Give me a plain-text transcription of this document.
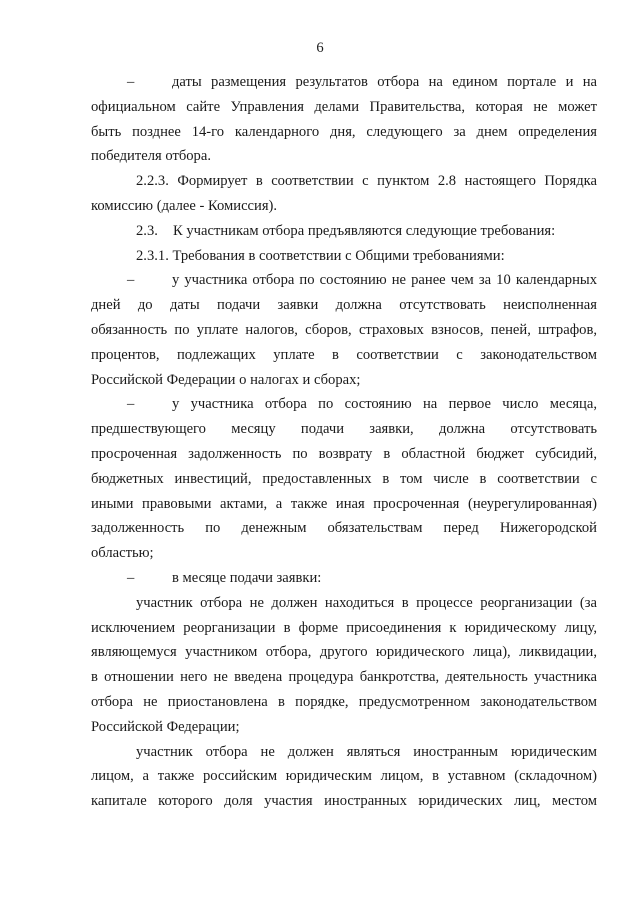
6
–	даты размещения результатов отбора на едином портале и на
официальном сайте Управления делами Правительства, которая не может
быть позднее 14-го календарного дня, следующего за днем определения
победителя отбора.
2.2.3. Формирует в соответствии с пунктом 2.8 настоящего Порядка
комиссию (далее - Комиссия).
2.3. К участникам отбора предъявляются следующие требования:
2.3.1. Требования в соответствии с Общими требованиями:
–	у участника отбора по состоянию не ранее чем за 10 календарных
дней до даты подачи заявки должна отсутствовать неисполненная
обязанность по уплате налогов, сборов, страховых взносов, пеней, штрафов,
процентов, подлежащих уплате в соответствии с законодательством
Российской Федерации о налогах и сборах;
–	у участника отбора по состоянию на первое число месяца,
предшествующего месяцу подачи заявки, должна отсутствовать
просроченная задолженность по возврату в областной бюджет субсидий,
бюджетных инвестиций, предоставленных в том числе в соответствии с
иными правовыми актами, а также иная просроченная (неурегулированная)
задолженность по денежным обязательствам перед Нижегородской
областью;
–	в месяце подачи заявки:
участник отбора не должен находиться в процессе реорганизации (за
исключением реорганизации в форме присоединения к юридическому лицу,
являющемуся участником отбора, другого юридического лица), ликвидации,
в отношении него не введена процедура банкротства, деятельность участника
отбора не приостановлена в порядке, предусмотренном законодательством
Российской Федерации;
участник отбора не должен являться иностранным юридическим
лицом, а также российским юридическим лицом, в уставном (складочном)
капитале которого доля участия иностранных юридических лиц, местом
